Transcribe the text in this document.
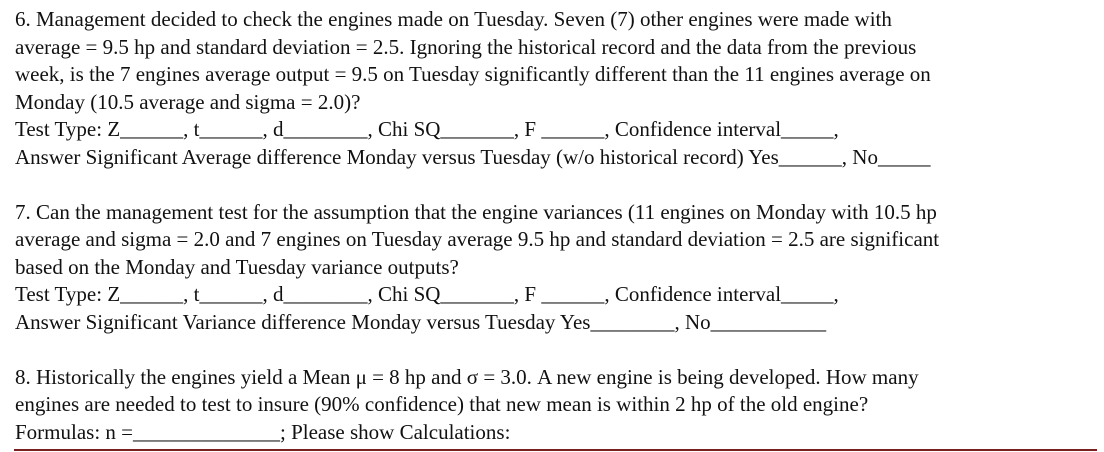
6. Management decided to check the engines made on Tuesday. Seven (7) other engines were made with
average = 9.5 hp and standard deviation = 2.5. Ignoring the historical record and the data from the previous
week, is the 7 engines average output = 9.5 on Tuesday significantly different than the 11 engines average on
Monday (10.5 average and sigma = 2.0)?
Test Type: Z______, t______, d________, Chi SQ_______, F ______, Confidence interval_____,
Answer Significant Average difference Monday versus Tuesday (w/o historical record) Yes______, No_____
7. Can the management test for the assumption that the engine variances (11 engines on Monday with 10.5 hp
average and sigma = 2.0 and 7 engines on Tuesday average 9.5 hp and standard deviation = 2.5 are significant
based on the Monday and Tuesday variance outputs?
Test Type: Z______, t______, d________, Chi SQ_______, F ______, Confidence interval_____,
Answer Significant Variance difference Monday versus Tuesday Yes________, No___________
8. Historically the engines yield a Mean μ = 8 hp and σ = 3.0. A new engine is being developed. How many
engines are needed to test to insure (90% confidence) that new mean is within 2 hp of the old engine?
Formulas: n =______________; Please show Calculations:
